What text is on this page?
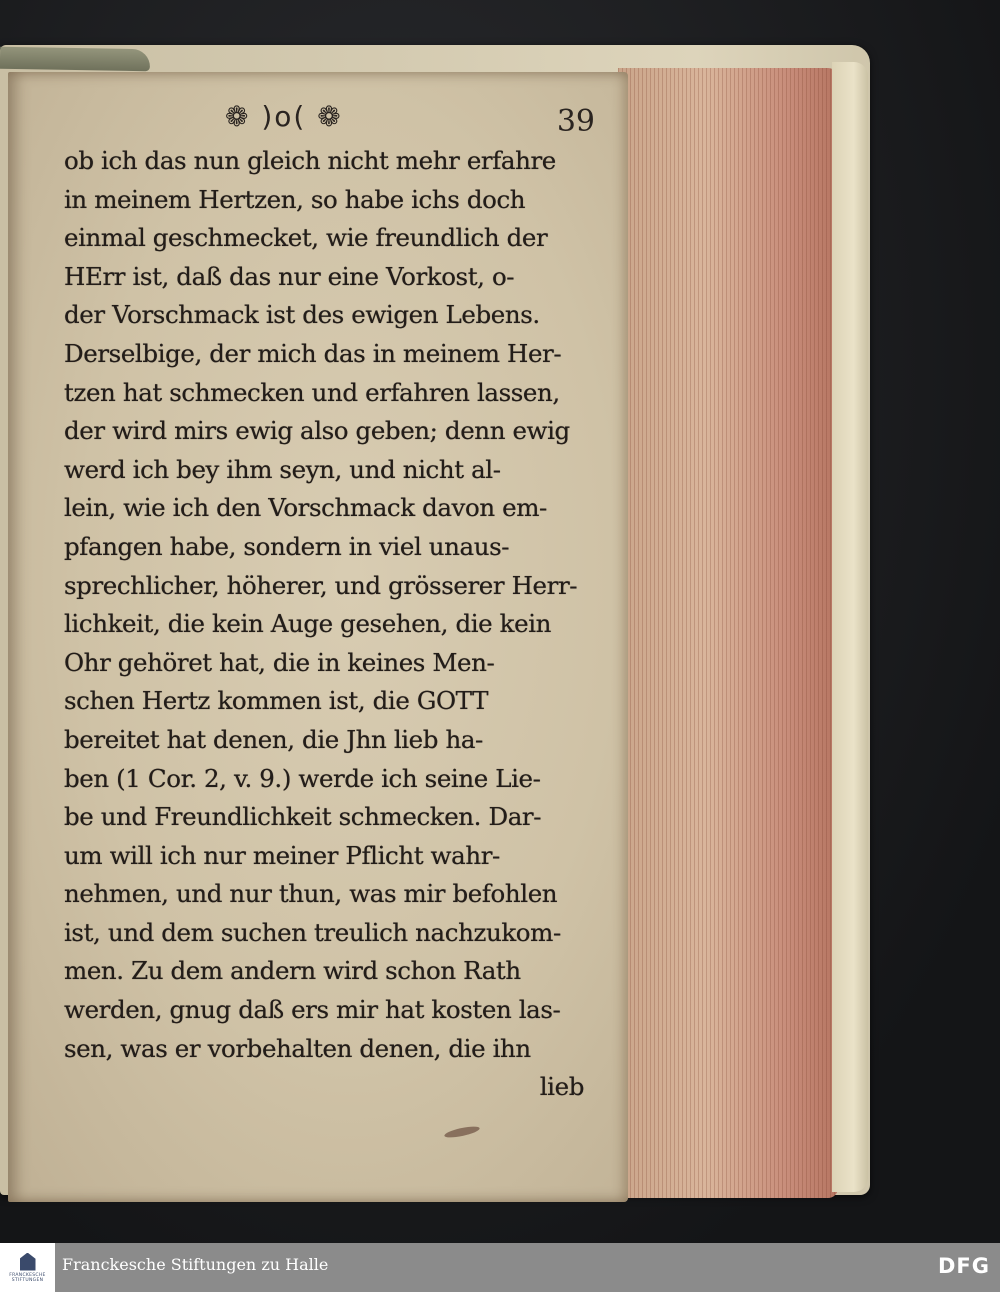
❁ )o( ❁	39
ob ich das nun gleich nicht mehr erfahre
in meinem Hertzen, so habe ichs doch
einmal geschmecket, wie freundlich der
HErr ist, daß das nur eine Vorkost, o-
der Vorschmack ist des ewigen Lebens.
Derselbige, der mich das in meinem Her-
tzen hat schmecken und erfahren lassen,
der wird mirs ewig also geben; denn ewig
werd ich bey ihm seyn, und nicht al-
lein, wie ich den Vorschmack davon em-
pfangen habe, sondern in viel unaus-
sprechlicher, höherer, und grösserer Herr-
lichkeit, die kein Auge gesehen, die kein
Ohr gehöret hat, die in keines Men-
schen Hertz kommen ist, die GOTT
bereitet hat denen, die Jhn lieb ha-
ben (1 Cor. 2, v. 9.) werde ich seine Lie-
be und Freundlichkeit schmecken. Dar-
um will ich nur meiner Pflicht wahr-
nehmen, und nur thun, was mir befohlen
ist, und dem suchen treulich nachzukom-
men. Zu dem andern wird schon Rath
werden, gnug daß ers mir hat kosten las-
sen, was er vorbehalten denen, die ihn
lieb
FRANCKESCHE STIFTUNGEN
Franckesche Stiftungen zu Halle	DFG
